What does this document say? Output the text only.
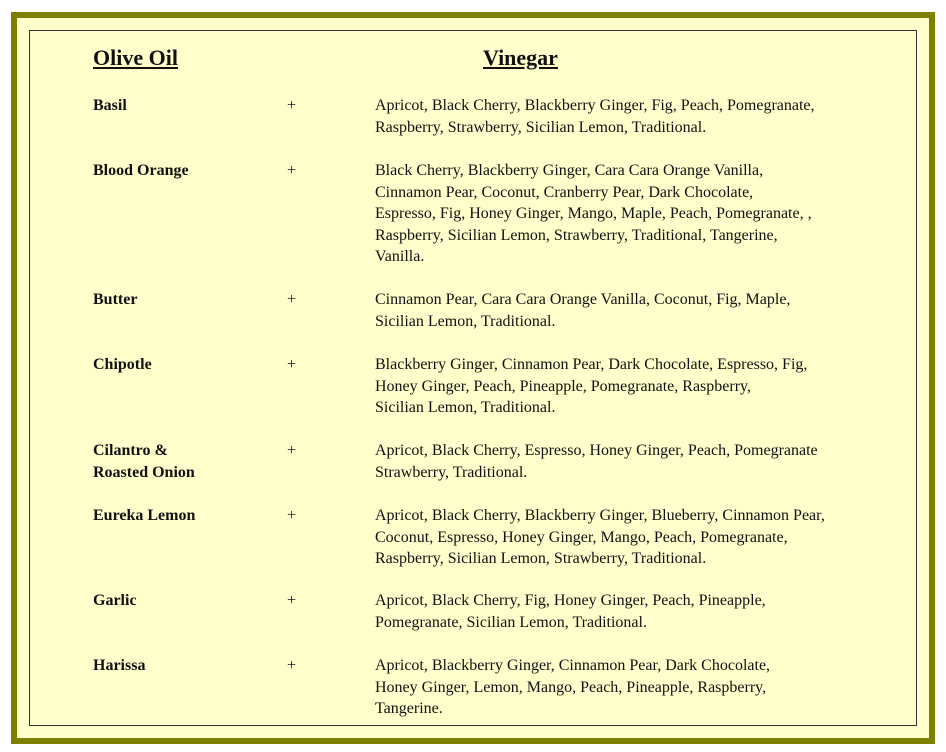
Olive Oil	Vinegar
Basil	+	Apricot, Black Cherry, Blackberry Ginger, Fig, Peach, Pomegranate,
Raspberry, Strawberry, Sicilian Lemon, Traditional.
Blood Orange	+	Black Cherry, Blackberry Ginger, Cara Cara Orange Vanilla,
Cinnamon Pear, Coconut, Cranberry Pear, Dark Chocolate,
Espresso, Fig, Honey Ginger, Mango, Maple, Peach, Pomegranate, ,
Raspberry, Sicilian Lemon, Strawberry, Traditional, Tangerine,
Vanilla.
Butter	+	Cinnamon Pear, Cara Cara Orange Vanilla, Coconut, Fig, Maple,
Sicilian Lemon, Traditional.
Chipotle	+	Blackberry Ginger, Cinnamon Pear, Dark Chocolate, Espresso, Fig,
Honey Ginger, Peach, Pineapple, Pomegranate, Raspberry,
Sicilian Lemon, Traditional.
Cilantro &
Roasted Onion
+	Apricot, Black Cherry, Espresso, Honey Ginger, Peach, Pomegranate
Strawberry, Traditional.
Eureka Lemon	+	Apricot, Black Cherry, Blackberry Ginger, Blueberry, Cinnamon Pear,
Coconut, Espresso, Honey Ginger, Mango, Peach, Pomegranate,
Raspberry, Sicilian Lemon, Strawberry, Traditional.
Garlic	+	Apricot, Black Cherry, Fig, Honey Ginger, Peach, Pineapple,
Pomegranate, Sicilian Lemon, Traditional.
Harissa	+	Apricot, Blackberry Ginger, Cinnamon Pear, Dark Chocolate,
Honey Ginger, Lemon, Mango, Peach, Pineapple, Raspberry,
Tangerine.
